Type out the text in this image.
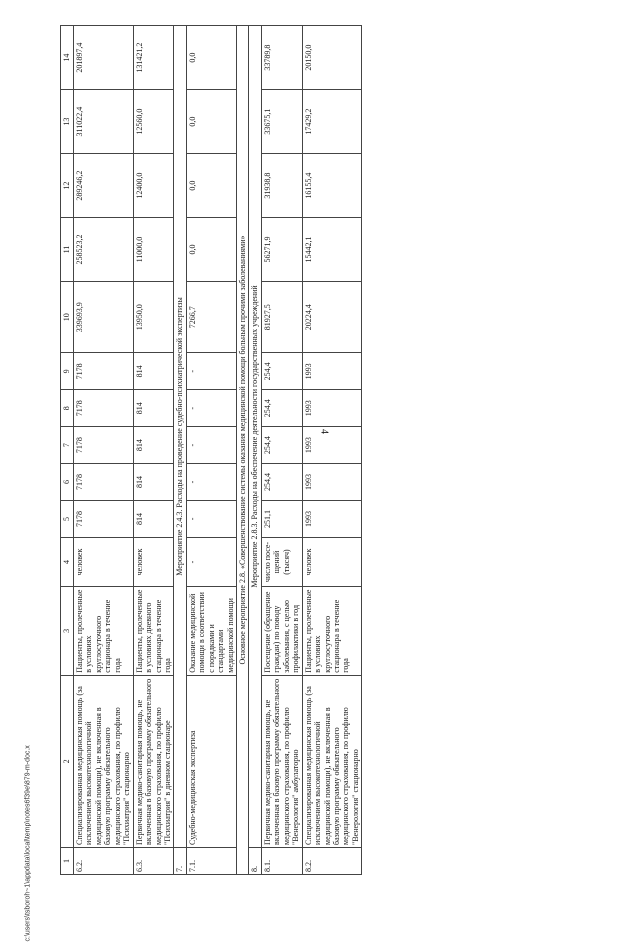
4
c:\users\tsboroh~1\appdata\local\temp\notes6f39e\879-m-doc.x	1	2	3	4	5	6	7	8	9	10	11	12	13	14
6.2.	Специализированная медицинская помощь (за исключением высокотехнологичной медицинской помощи), не включенная в базовую программу обязательного медицинского страхования, по профилю "Психиатрия" стационарно	Пациенты, пролеченные в условиях круглосуточного стационара в течение года	человек	7178	7178	7178	7178	7178	339693,9	258523,2	289246,2	311022,4	201897,4
6.3.	Первичная медико-санитарная помощь, не включенная в базовую программу обязательного медицинского страхования, по профилю "Психиатрия" в дневном стационаре	Пациенты, пролеченные в условиях дневного стационара в течение года	человек	814	814	814	814	814	13950,0	11000,0	12400,0	12560,0	131421,2
7.	Мероприятие 2.4.3. Расходы на проведение судебно-психиатрической экспертизы												
7.1.	Судебно-медицинская экспертиза	Оказание медицинской помощи в соответствии с порядками и стандартами медицинской помощи	-	-	-	-	-	-	7266,7	0,0	0,0	0,0	0,0
Основное мероприятие 2.8. «Совершенствование системы оказания медицинской помощи больным прочими заболеваниями»													
8.	Мероприятие 2.8.3. Расходы на обеспечение деятельности государственных учреждений												
8.1.	Первичная медико-санитарная помощь, не включенная в базовую программу обязательного медицинского страхования, по профилю "Венерология" амбулаторно	Посещение (обращение граждан) по поводу заболевания, с целью профилактики в год	число посе-щений (тысяч)	251,1	254,4	254,4	254,4	254,4	81927,5	56271,9	31938,8	33675,1	33789,8
8.2.	Специализированная медицинская помощь (за исключением высокотехнологичной медицинской помощи), не включенная в базовую программу обязательного медицинского страхования, по профилю "Венерология" стационарно	Пациенты, пролеченные в условиях круглосуточного стационара в течение года	человек	1993	1993	1993	1993	1993	20224,4	15442,1	16155,4	17429,2	20150,0
